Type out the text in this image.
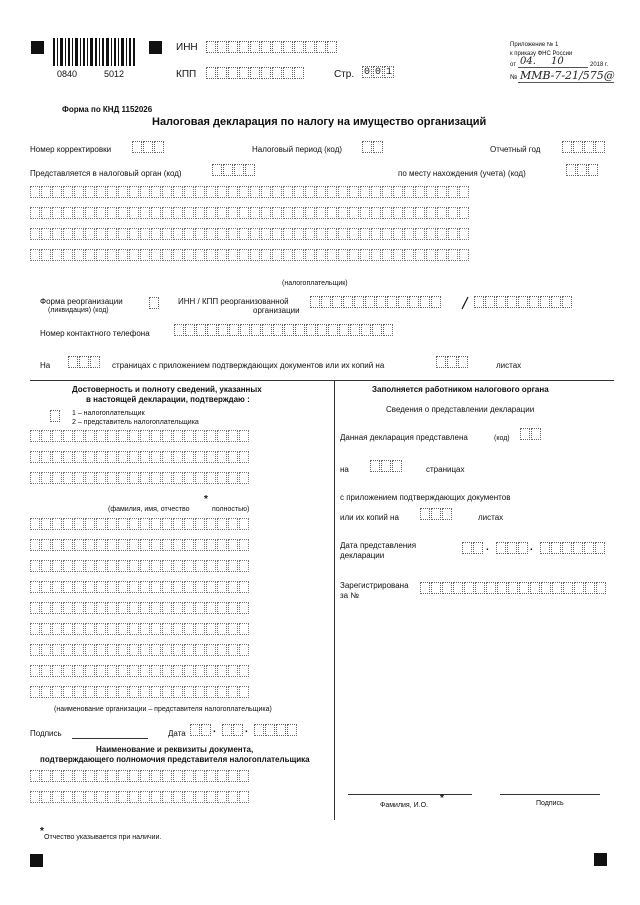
0840	5012
ИНН
КПП	Стр. 0 0 1
Приложение № 1
к приказу ФНС России
от 04. 10	2018 г.
№ ММВ-7-21/575@
Форма по КНД 1152026
Налоговая декларация по налогу на имущество организаций
Номер корректировки	Налоговый период (код)	Отчетный год
Представляется в налоговый орган (код)	по месту нахождения (учета) (код)
(налогоплательщик)
Форма реорганизации
(ликвидация) (код)
ИНН / КПП реорганизованной
организации
Номер контактного телефона
На	страницах с приложением подтверждающих документов или их копий на	листах
Достоверность и полноту сведений, указанных
в настоящей декларации, подтверждаю :
1 – налогоплательщик
2 – представитель налогоплательщика
(фамилия, имя, отчество
*
полностью)
(наименование организации – представителя налогоплательщика)
Подпись	Дата	.	.
Наименование и реквизиты документа,
подтверждающего полномочия представителя налогоплательщика
Заполняется работником налогового органа
Сведения о представлении декларации
Данная декларация представлена	(код)
на	страницах
с приложением подтверждающих документов
или их копий на	листах
Дата представления
декларации
.	.
Зарегистрирована
за №
Фамилия, И.О.
*	Подпись
*
Отчество указывается при наличии.
